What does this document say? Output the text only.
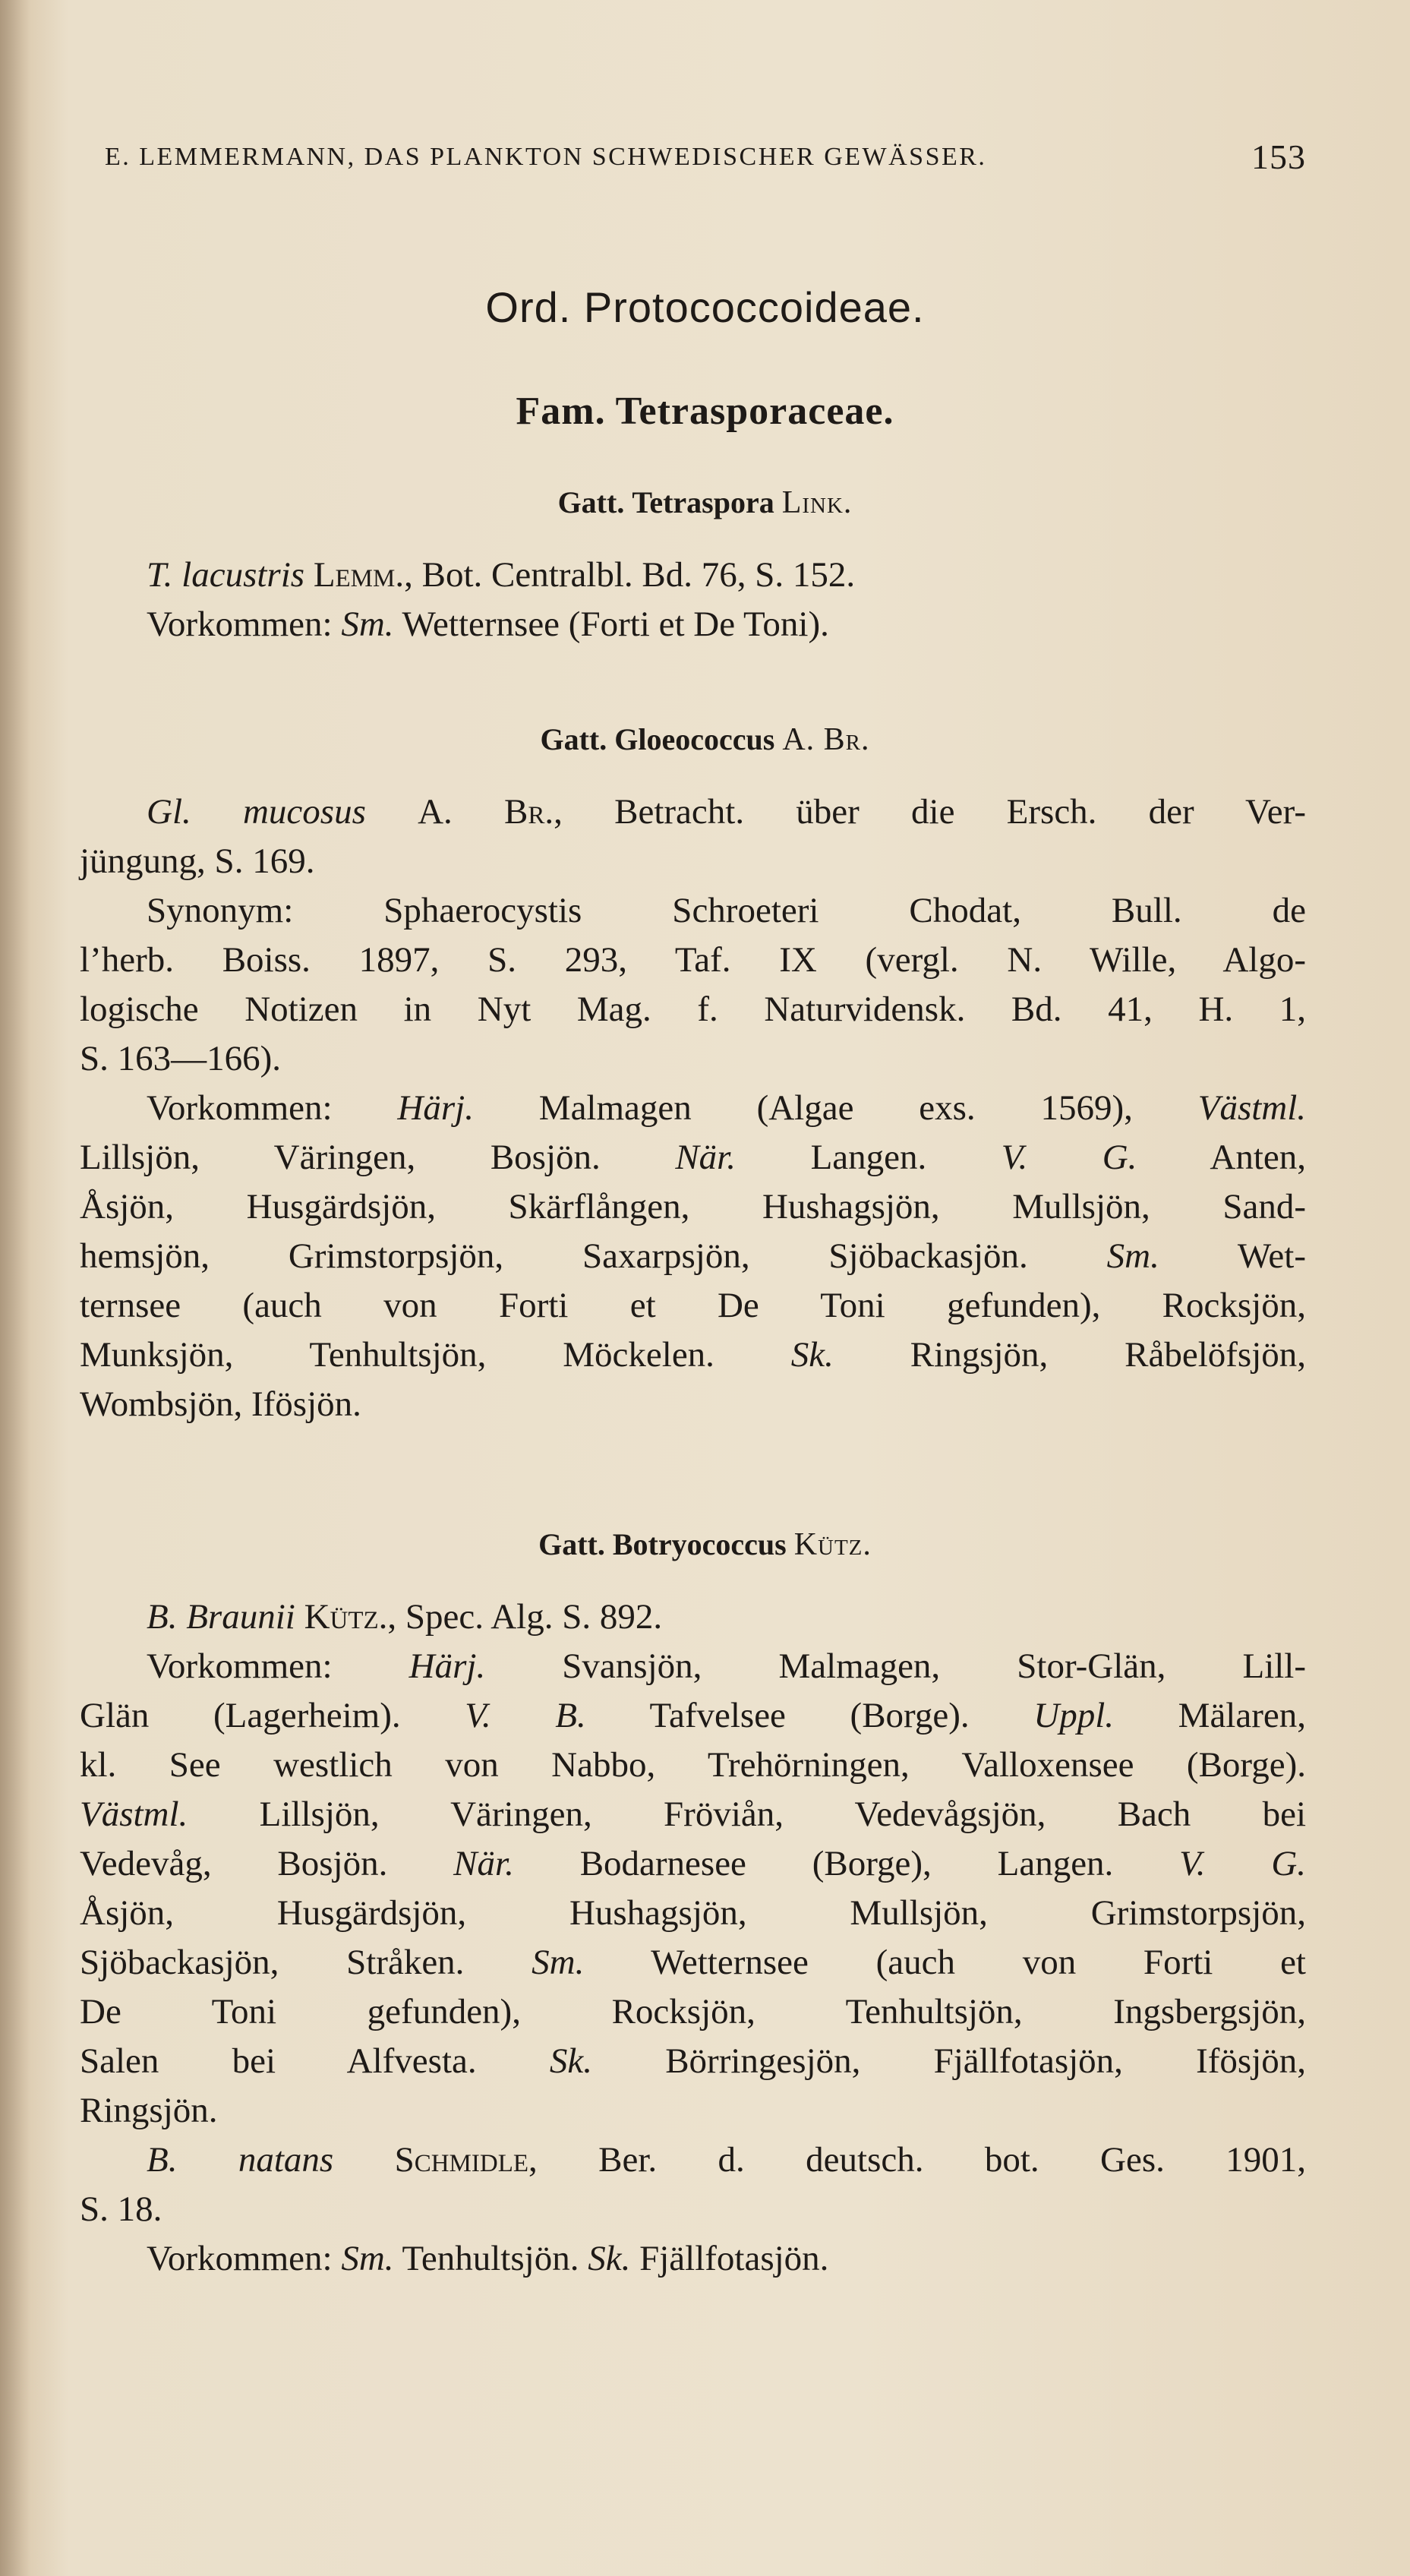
E. LEMMERMANN, DAS PLANKTON SCHWEDISCHER GEWÄSSER.	153
Ord. Protococcoideae.
Fam. Tetrasporaceae.
Gatt. Tetraspora Link.
T. lacustris Lemm., Bot. Centralbl. Bd. 76, S. 152.
Vorkommen: Sm. Wetternsee (Forti et De Toni).
Gatt. Gloeococcus A. Br.
Gl. mucosus A. Br., Betracht. über die Ersch. der Ver-
jüngung, S. 169.
Synonym: Sphaerocystis Schroeteri Chodat, Bull. de
l’herb. Boiss. 1897, S. 293, Taf. IX (vergl. N. Wille, Algo-
logische Notizen in Nyt Mag. f. Naturvidensk. Bd. 41, H. 1,
S. 163—166).
Vorkommen: Härj. Malmagen (Algae exs. 1569), Västml.
Lillsjön, Väringen, Bosjön. När. Langen. V. G. Anten,
Åsjön, Husgärdsjön, Skärflången, Hushagsjön, Mullsjön, Sand-
hemsjön, Grimstorpsjön, Saxarpsjön, Sjöbackasjön. Sm. Wet-
ternsee (auch von Forti et De Toni gefunden), Rocksjön,
Munksjön, Tenhultsjön, Möckelen. Sk. Ringsjön, Råbelöfsjön,
Wombsjön, Ifösjön.
Gatt. Botryococcus Kütz.
B. Braunii Kütz., Spec. Alg. S. 892.
Vorkommen: Härj. Svansjön, Malmagen, Stor-Glän, Lill-
Glän (Lagerheim). V. B. Tafvelsee (Borge). Uppl. Mälaren,
kl. See westlich von Nabbo, Trehörningen, Valloxensee (Borge).
Västml. Lillsjön, Väringen, Fröviån, Vedevågsjön, Bach bei
Vedevåg, Bosjön. När. Bodarnesee (Borge), Langen. V. G.
Åsjön, Husgärdsjön, Hushagsjön, Mullsjön, Grimstorpsjön,
Sjöbackasjön, Stråken. Sm. Wetternsee (auch von Forti et
De Toni gefunden), Rocksjön, Tenhultsjön, Ingsbergsjön,
Salen bei Alfvesta. Sk. Börringesjön, Fjällfotasjön, Ifösjön,
Ringsjön.
B. natans Schmidle, Ber. d. deutsch. bot. Ges. 1901,
S. 18.
Vorkommen: Sm. Tenhultsjön. Sk. Fjällfotasjön.
